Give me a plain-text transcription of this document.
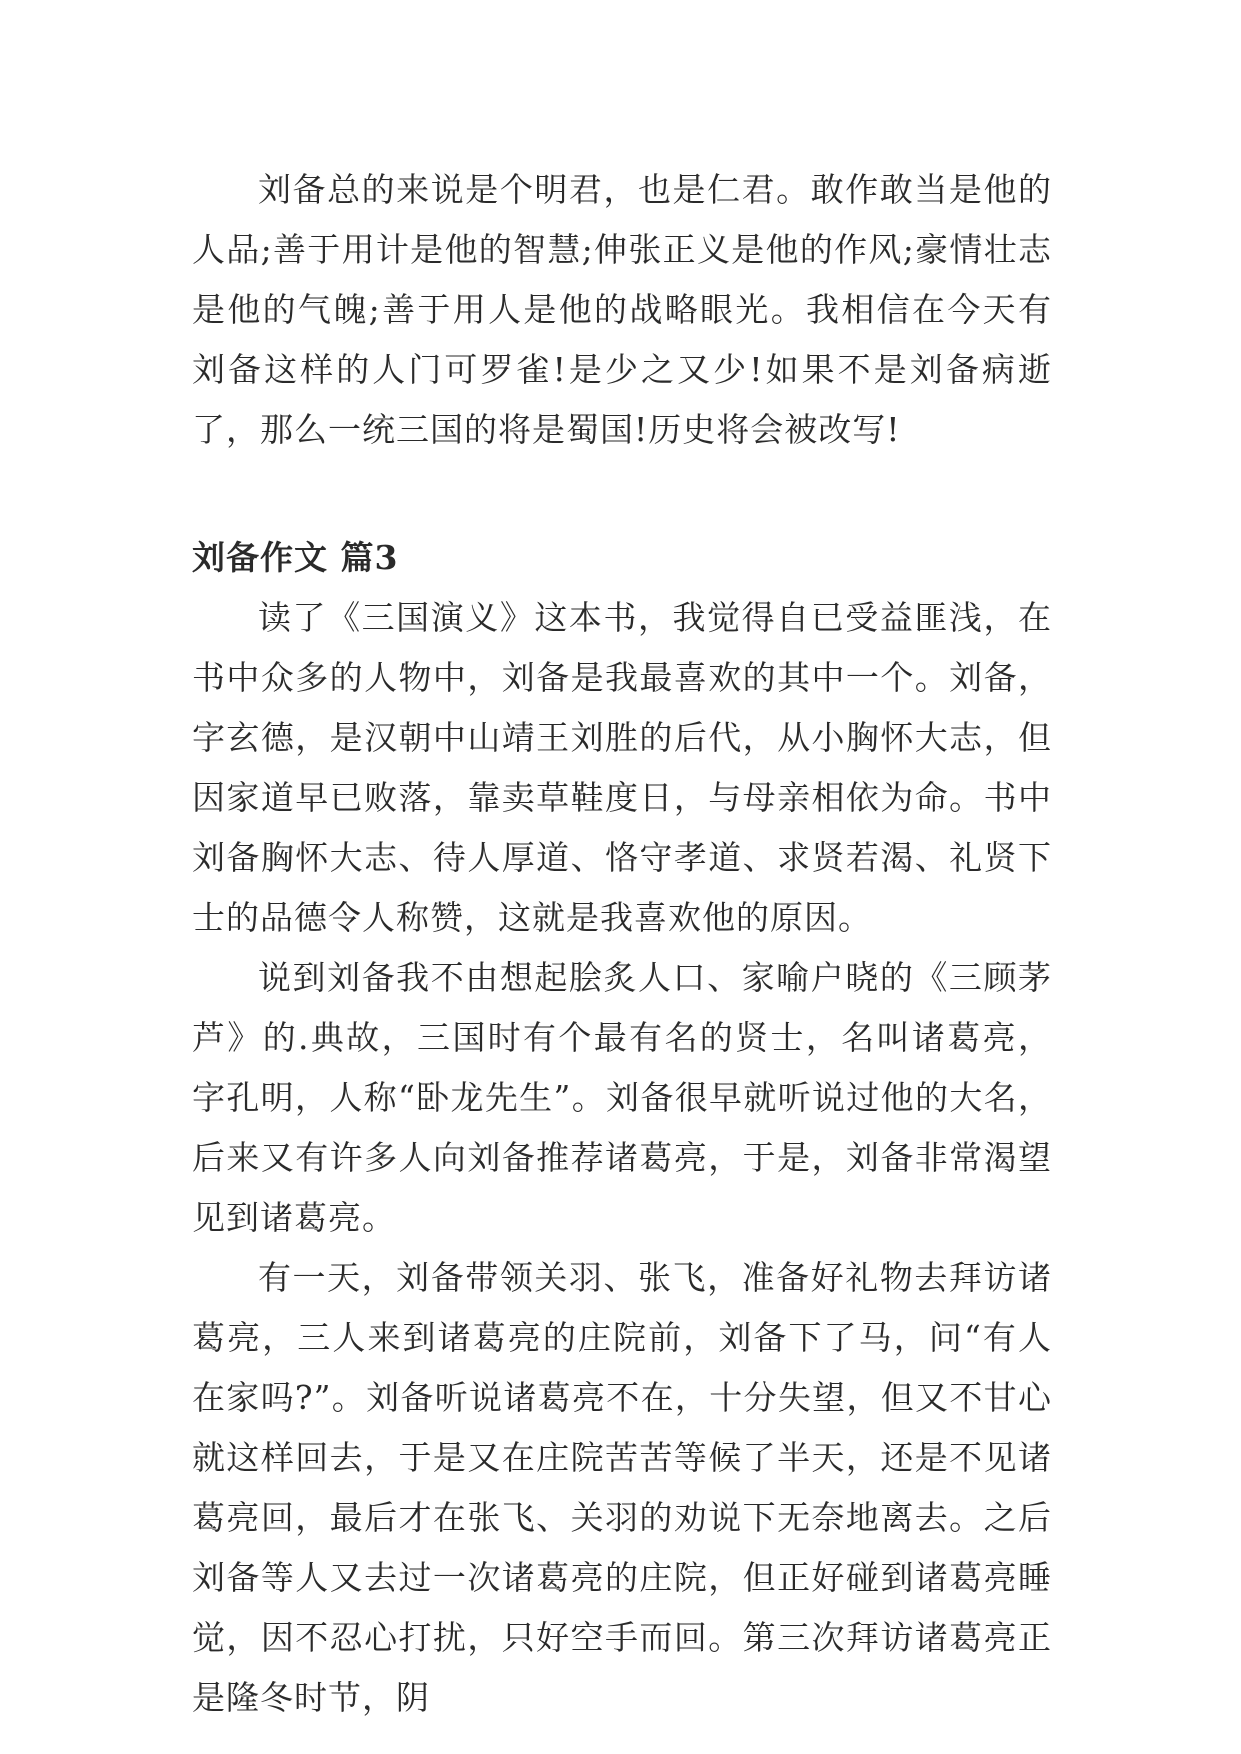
刘备总的来说是个明君，也是仁君。敢作敢当是他的人品;善于用计是他的智慧;伸张正义是他的作风;豪情壮志是他的气魄;善于用人是他的战略眼光。我相信在今天有刘备这样的人门可罗雀!是少之又少!如果不是刘备病逝了，那么一统三国的将是蜀国!历史将会被改写!

刘备作文 篇3

读了《三国演义》这本书，我觉得自已受益匪浅，在书中众多的人物中，刘备是我最喜欢的其中一个。刘备，字玄德，是汉朝中山靖王刘胜的后代，从小胸怀大志，但因家道早已败落，靠卖草鞋度日，与母亲相依为命。书中刘备胸怀大志、待人厚道、恪守孝道、求贤若渴、礼贤下士的品德令人称赞，这就是我喜欢他的原因。

说到刘备我不由想起脍炙人口、家喻户晓的《三顾茅芦》的.典故，三国时有个最有名的贤士，名叫诸葛亮，字孔明，人称“卧龙先生”。刘备很早就听说过他的大名，后来又有许多人向刘备推荐诸葛亮，于是，刘备非常渴望见到诸葛亮。

有一天，刘备带领关羽、张飞，准备好礼物去拜访诸葛亮，三人来到诸葛亮的庄院前，刘备下了马，问“有人在家吗?”。刘备听说诸葛亮不在，十分失望，但又不甘心就这样回去，于是又在庄院苦苦等候了半天，还是不见诸葛亮回，最后才在张飞、关羽的劝说下无奈地离去。之后刘备等人又去过一次诸葛亮的庄院，但正好碰到诸葛亮睡觉，因不忍心打扰，只好空手而回。第三次拜访诸葛亮正是隆冬时节，阴
